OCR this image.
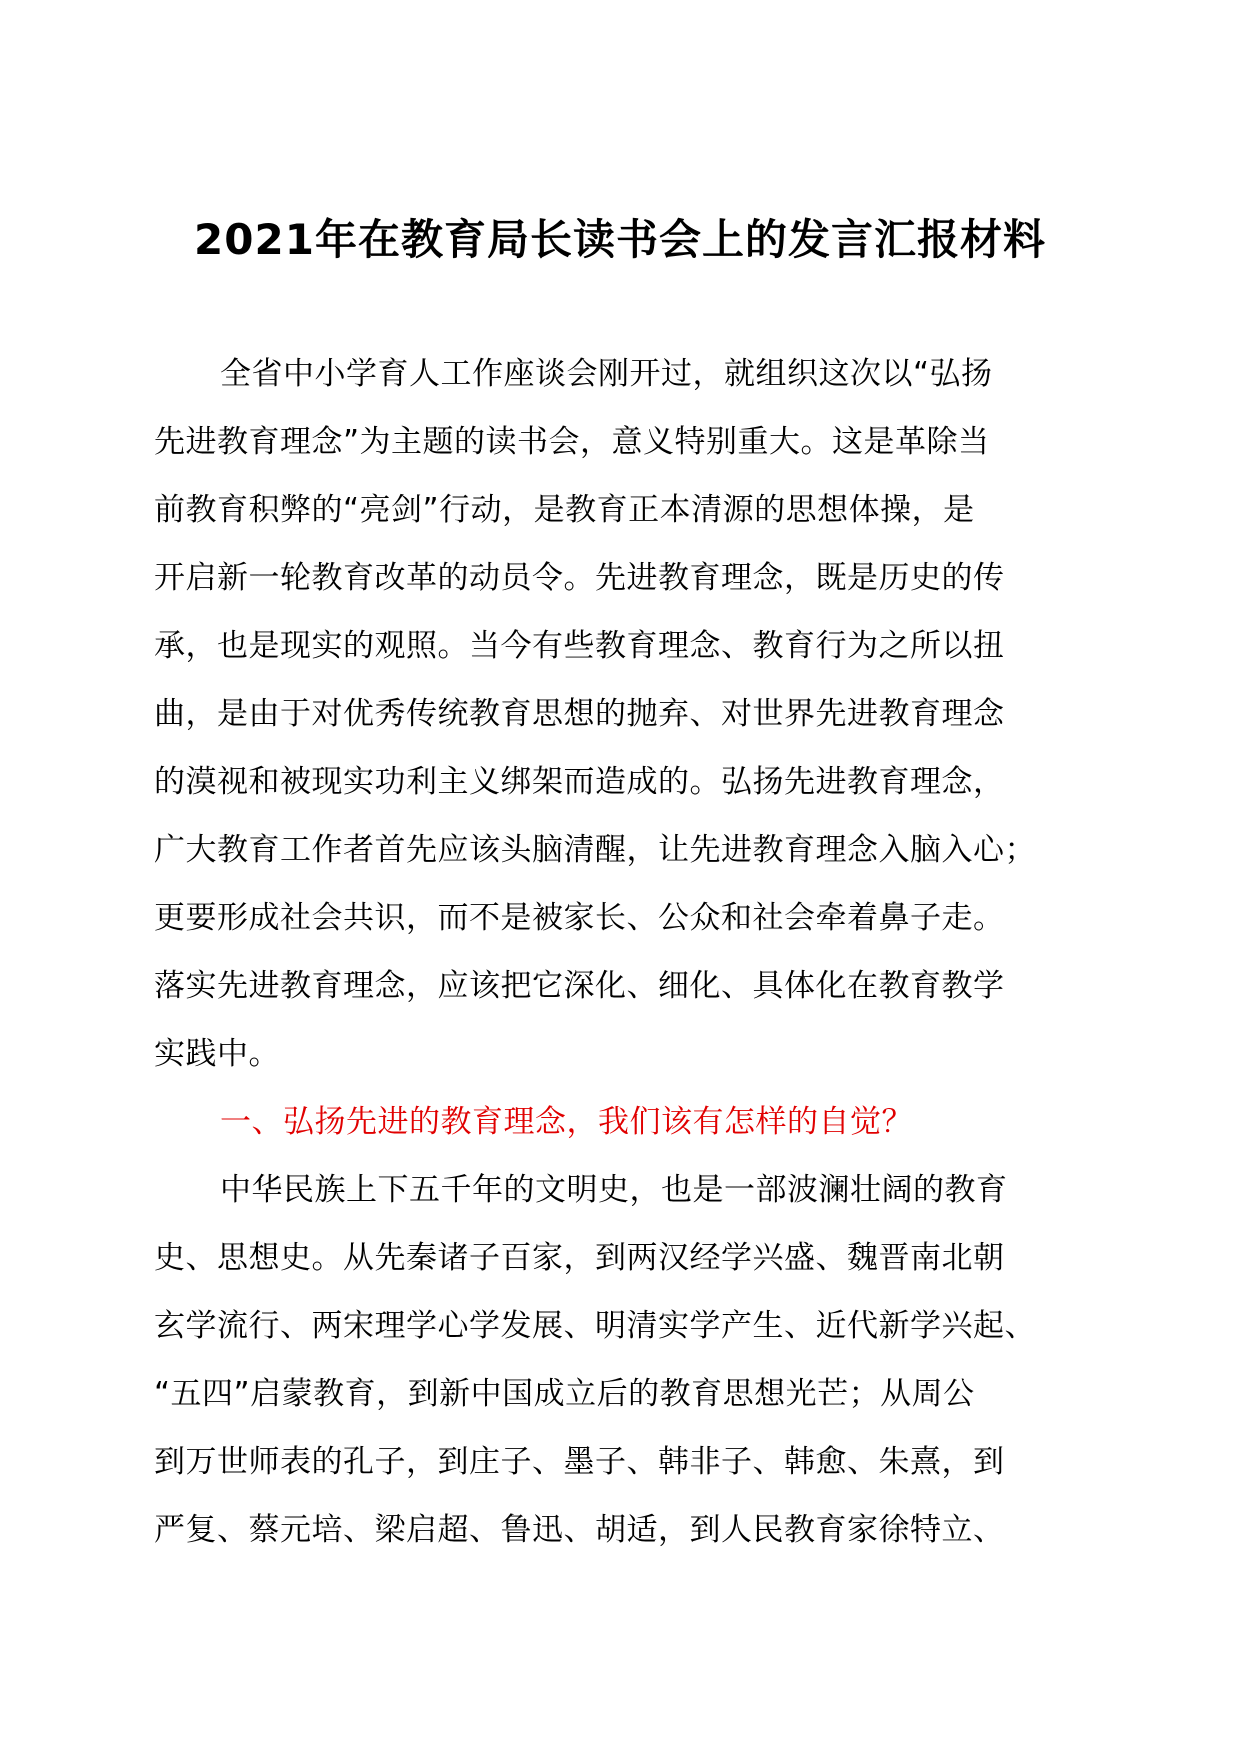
2021年在教育局长读书会上的发言汇报材料
全省中小学育人工作座谈会刚开过，就组织这次以“弘扬
先进教育理念”为主题的读书会，意义特别重大。这是革除当
前教育积弊的“亮剑”行动，是教育正本清源的思想体操，是
开启新一轮教育改革的动员令。先进教育理念，既是历史的传
承，也是现实的观照。当今有些教育理念、教育行为之所以扭
曲，是由于对优秀传统教育思想的抛弃、对世界先进教育理念
的漠视和被现实功利主义绑架而造成的。弘扬先进教育理念，
广大教育工作者首先应该头脑清醒，让先进教育理念入脑入心；
更要形成社会共识，而不是被家长、公众和社会牵着鼻子走。
落实先进教育理念，应该把它深化、细化、具体化在教育教学
实践中。
一、弘扬先进的教育理念，我们该有怎样的自觉？
中华民族上下五千年的文明史，也是一部波澜壮阔的教育
史、思想史。从先秦诸子百家，到两汉经学兴盛、魏晋南北朝
玄学流行、两宋理学心学发展、明清实学产生、近代新学兴起、
“五四”启蒙教育，到新中国成立后的教育思想光芒；从周公
到万世师表的孔子，到庄子、墨子、韩非子、韩愈、朱熹，到
严复、蔡元培、梁启超、鲁迅、胡适，到人民教育家徐特立、
